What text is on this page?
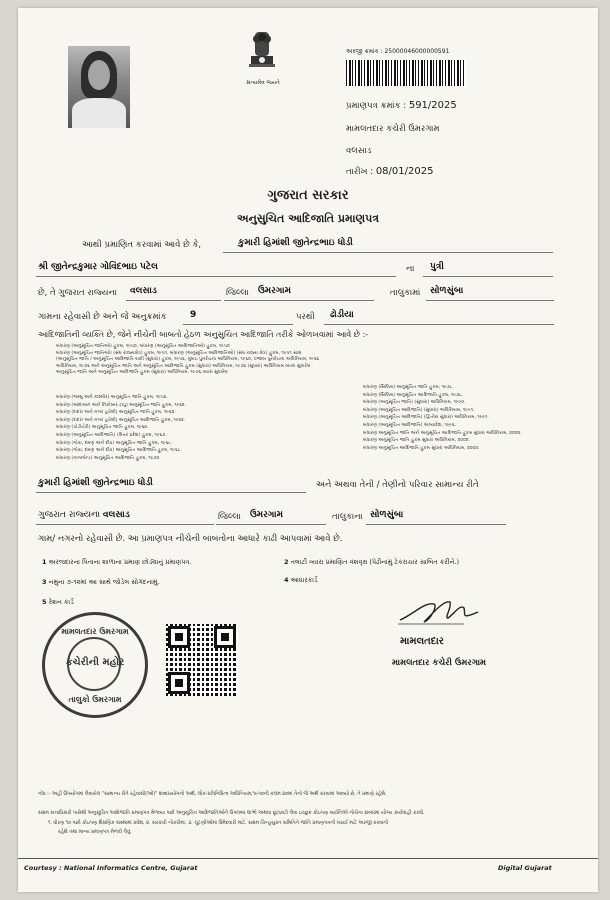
સત્યમેવ જયતે
અરજી ક્રમાંક : 25000046000000591
પ્રમાણપત્ર ક્રમાંક : 591/2025
મામલતદાર કચેરી ઉમરગામ
વલસાડ
તારીખ : 08/01/2025
ગુજરાત સરકાર
અનુસુચિત આદિજાતિ પ્રમાણપત્ર
આથી પ્રમાણિત કરવામાં આવે છે કે,	કુમારી હિમાંશી જીતેન્દ્રભાઇ ધોડી
શ્રી જીતેન્દ્રકુમાર ગોવિંદભાઇ પટેલ	ના પુત્રી
છે, તે ગુજરાત રાજ્યના વલસાડ	જિલ્લા ઉમરગામ	તાલુકામાં સોળસુંબા
ગામના રહેવાસી છે અને જે અનુક્રમાંક	9	પરથી ઢોડીયા
આદિજાતિની વ્યક્તિ છે, જેને નીચેની બાબતો હેઠળ અનુસુચિત આદિજાતિ તરીકે ઓળખવામાં આવે છે :-
બંધારણ (અનુસૂચિત જાતિઓ) હુકમ, ૧૯૫૦, બંધારણ (અનુસૂચિત આદિજાતિઓ) હુકમ, ૧૯૫૦
બંધારણ (અનુસૂચિત જાતિઓ) (સંઘ રાજ્યક્ષેત્ર) હુકમ, ૧૯૫૧, બંધારણ (અનુસૂચિત આદિજાતિઓ) (સંઘ રાજ્ય ક્ષેત્ર) હુકમ, ૧૯૫૧ સાથ
(અનુસૂચિત જાતિ / અનુસૂચિત આદિજાતિ યાદી (સુધારા) હુકમ, ૧૯૫૬, મુંબઇ પુનર્રચના અધિનિયમ, ૧૯૬૦, પંજાબ પુનર્રચના અધિનિયમ, ૧૯૬૬
અધિનિયમ, ૧૯૭૬ અને અનુસૂચિત જાતિ અને અનુસૂચિત આદિજાતિ હુકમ (સુધારા) અધિનિયમ, ૧૯૭૬ (સુધારા) અધિનિયમ વ્યારા સુધારેલ
અનુસૂચિત જાતિ અને અનુસૂચિત આદિજાતિ હુકમ (સુધારા) અધિનિયમ, ૧૯૭૬ વ્યારા સુધારેલ
બંધારણ (જમ્મુ અને કાશ્મીર) અનુસૂચિત જાતિ હુકમ, ૧૯૫૬.
બંધારણ (આંદામાન અને નિકોબાર ટાપુ) અનુસૂચિત જાતિ હુકમ, ૧૯૬૨.
બંધારણ (દાદરા અને નગર હવેલી) અનુસૂચિત જાતિ હુકમ, ૧૯૬૨.
બંધારણ (દાદરા અને નગર હવેલી) અનુસૂચિત આદિજાતિ હુકમ, ૧૯૬૨.
બંધારણ (પોંડીચેરી) અનુસૂચિત જાતિ હુકમ, ૧૯૬૪.
બંધારણ (અનુસૂચિત આદિજાતિ) (ઉત્તર પ્રદેશ) હુકમ, ૧૯૬૭.
બંધારણ (ગોવા, દમણ અને દીવ) અનુસૂચિત જાતિ હુકમ, ૧૯૬૮.
બંધારણ (ગોવા, દમણ અને દીવ) અનુસૂચિત આદિજાતિ હુકમ, ૧૯૬૮.
બંધારણ (નાગાલેન્ડ) અનુસૂચિત આદિજાતિ હુકમ, ૧૯૭૦.
બંધારણ (સિક્કિમ) અનુસૂચિત જાતિ હુકમ, ૧૯૭૮.
બંધારણ (સિક્કિમ) અનુસૂચિત આદિજાતિ હુકમ, ૧૯૭૮.
બંધારણ (અનુસૂચિત જાતિ) (સુધારા) અધિનિયમ, ૧૯૯૦.
બંધારણ (અનુસૂચિત આદિજાતિ) (સુધારા) અધિનિયમ, ૧૯૯૧.
બંધારણ (અનુસૂચિત આદિજાતિ) (દ્વિતીય સુધારા) અધિનિયમ, ૧૯૯૧.
બંધારણ (અનુસૂચિત આદિજાતિ) અધ્યાદેશ, ૧૯૯૬.
બંધારણ અનુસૂચિત જાતિ અને અનુસૂચિત આદિજાતિ હુકમ સુધારા અધિનિયમ, ૨૦૦૨.
બંધારણ અનુસૂચિત જાતિ હુકમ સુધારા અધિનિયમ, ૨૦૦૨.
બંધારણ અનુસૂચિત આદિજાતિ હુકમ સુધારા અધિનિયમ, ૨૦૦૨.
કુમારી હિમાંશી જીતેન્દ્રભાઇ ધોડી	અને અથવા તેની / તેણીનો પરિવાર સામાન્ય રીતે
ગુજરાત રાજ્યના વલસાડ	જિલ્લા ઉમરગામ	તાલુકાના સોળસુંબા
ગામ/ નગરનો રહેવાસી છે. આ પ્રમાણપત્ર નીચેની બાબતોના આધારે કાઢી આપવામાં આવે છે.
1 અરજદારના પિતાના શાળાના પ્રમાણ છોડ્યાનું પ્રમાણપત્ર.	2 તલાટી વ્યારા પ્રમાણિત વંશવૃક્ષ (પેઢીનામું ટેકરાચાર સાબિત કરીને.)
3 નમુના ૭-૧૨માં આ સાથે જોડેલ સોગંદનામું.	4 આધારકાર્ડ
5 રેશન કાર્ડ
મામલતદાર ઉમરગામ
કચેરીની મહોર
તાલુકો ઉમરગામ
મામલતદાર
મામલતદાર કચેરી ઉમરગામ
નોંધ :- અહીં ઉપયોગમાં લેવાયેલ "સામાન્ય રીતે રહેવાસી(ઓ)" શબ્દપ્રયોગનો અર્થ, લોક-પ્રતિનિધિત્વ અધિનિયમ,૧૯૫૦ની કલમ ૨૦માં તેનો જે અર્થ કરવામાં આવ્યો છે, તે પ્રમાણે રહેશે.
સક્ષમ સત્તાધિકારી પાસેથી અનુસૂચિત આદિજાતિ પ્રમાણપત્ર મેળવ્યા પછી અનુસૂચિત આદિજાતિઓને ઉપલબ્ધ લાભો અથવા છૂટછાટો લેવા ઇચ્છુક કોઇપણ વ્યક્તિએ નીચેના સંબંધમાં યોગ્ય કાર્યવાહી કરવી.
૧. ધોરણ ૧૦ પછી કોઇપણ શૈક્ષણિક સંસ્થામાં પ્રવેશ, ૨. સરકારી નોકરીમાં, ૩. ચૂંટણીઓમાં ઉમેદવારી માટે, સક્ષમ ચિન્હ્‌યુક્ત સમિતિને જાતિ પ્રમાણપત્રની ખરાઈ માટે અરજી કરવાની
રહેશે તથા માન્ય પ્રમાણપત્ર મેળવી લેવું.
Courtesy : National Informatics Centre, Gujarat	Digital Gujarat
